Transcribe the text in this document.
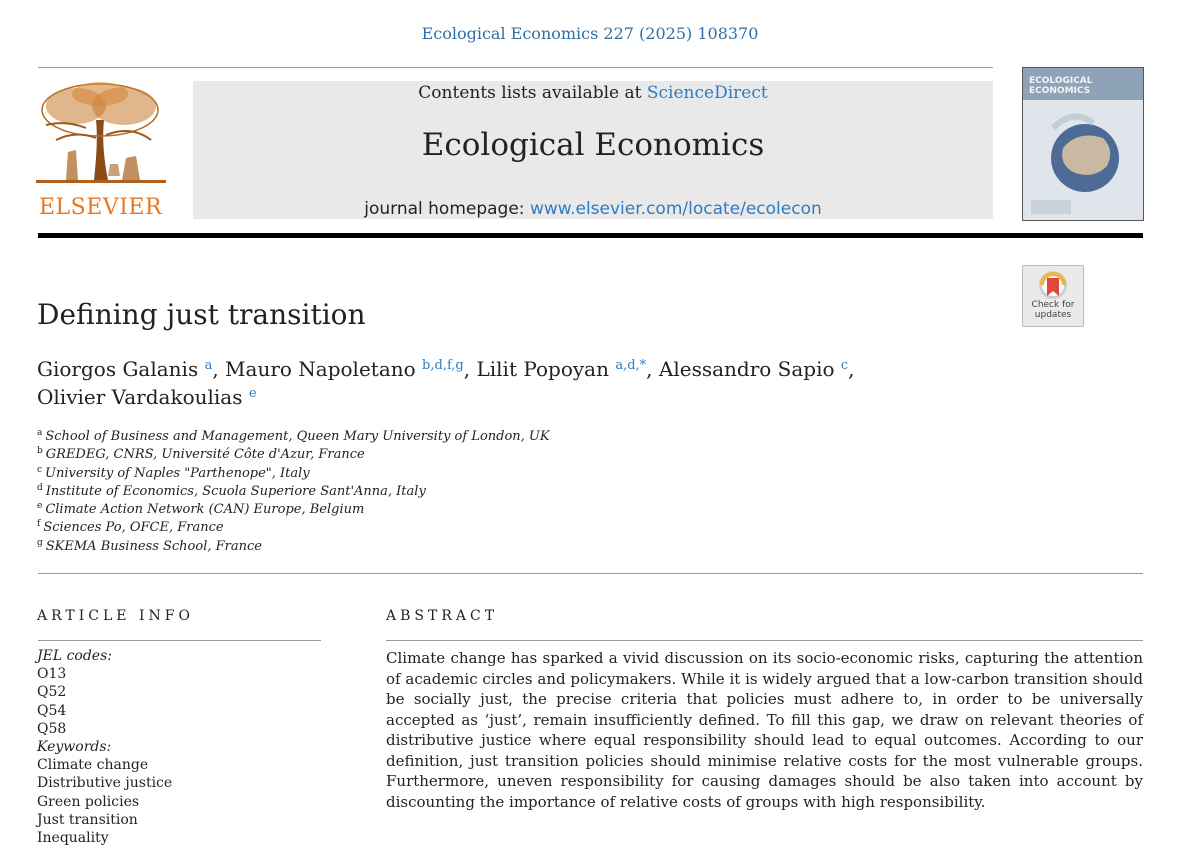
Ecological Economics 227 (2025) 108370
ELSEVIER
Contents lists available at ScienceDirect
Ecological Economics
journal homepage: www.elsevier.com/locate/ecolecon
ECOLOGICAL ECONOMICS
Check for updates
Defining just transition
Giorgos Galanis $^a$, Mauro Napoletano $^{b,d,f,g}$, Lilit Popoyan $^{a,d,*}$, Alessandro Sapio $^c$,
Olivier Vardakoulias $^e$
$^a$ School of Business and Management, Queen Mary University of London, UK
$^b$ GREDEG, CNRS, Université Côte d'Azur, France
$^c$ University of Naples "Parthenope", Italy
$^d$ Institute of Economics, Scuola Superiore Sant'Anna, Italy
$^e$ Climate Action Network (CAN) Europe, Belgium
$^f$ Sciences Po, OFCE, France
$^g$ SKEMA Business School, France
ARTICLE INFO	ABSTRACT
JEL codes:
O13
Q52
Q54
Q58
Keywords:
Climate change
Distributive justice
Green policies
Just transition
Inequality
Climate change has sparked a vivid discussion on its socio-economic risks, capturing the attention of academic circles and policymakers. While it is widely argued that a low-carbon transition should be socially just, the precise criteria that policies must adhere to, in order to be universally accepted as ‘just’, remain insufficiently defined. To fill this gap, we draw on relevant theories of distributive justice where equal responsibility should lead to equal outcomes. According to our definition, just transition policies should minimise relative costs for the most vulnerable groups. Furthermore, uneven responsibility for causing damages should be also taken into account by discounting the importance of relative costs of groups with high responsibility.
